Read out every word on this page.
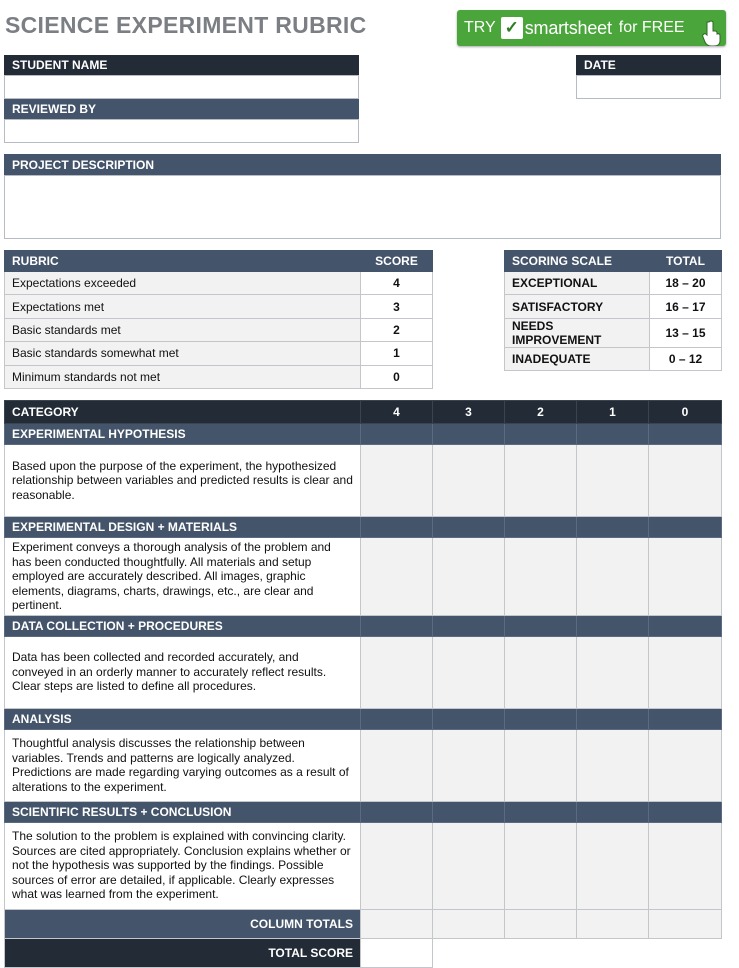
SCIENCE EXPERIMENT RUBRIC	TRY ✓ smartsheet for FREE
STUDENT NAME	DATE
REVIEWED BY
PROJECT DESCRIPTION
RUBRIC	SCORE
Expectations exceeded	4
Expectations met	3
Basic standards met	2
Basic standards somewhat met	1
Minimum standards not met	0
SCORING SCALE	TOTAL
EXCEPTIONAL	18 – 20
SATISFACTORY	16 – 17
NEEDS IMPROVEMENT	13 – 15
INADEQUATE	0 – 12
CATEGORY	4	3	2	1	0
EXPERIMENTAL HYPOTHESIS					
Based upon the purpose of the experiment, the hypothesized relationship between variables and predicted results is clear and reasonable.					
EXPERIMENTAL DESIGN + MATERIALS					
Experiment conveys a thorough analysis of the problem and has been conducted thoughtfully. All materials and setup employed are accurately described. All images, graphic elements, diagrams, charts, drawings, etc., are clear and pertinent.					
DATA COLLECTION + PROCEDURES					
Data has been collected and recorded accurately, and conveyed in an orderly manner to accurately reflect results. Clear steps are listed to define all procedures.					
ANALYSIS					
Thoughtful analysis discusses the relationship between variables. Trends and patterns are logically analyzed. Predictions are made regarding varying outcomes as a result of alterations to the experiment.					
SCIENTIFIC RESULTS + CONCLUSION					
The solution to the problem is explained with convincing clarity. Sources are cited appropriately. Conclusion explains whether or not the hypothesis was supported by the findings. Possible sources of error are detailed, if applicable. Clearly expresses what was learned from the experiment.					
COLUMN TOTALS					
TOTAL SCORE					
